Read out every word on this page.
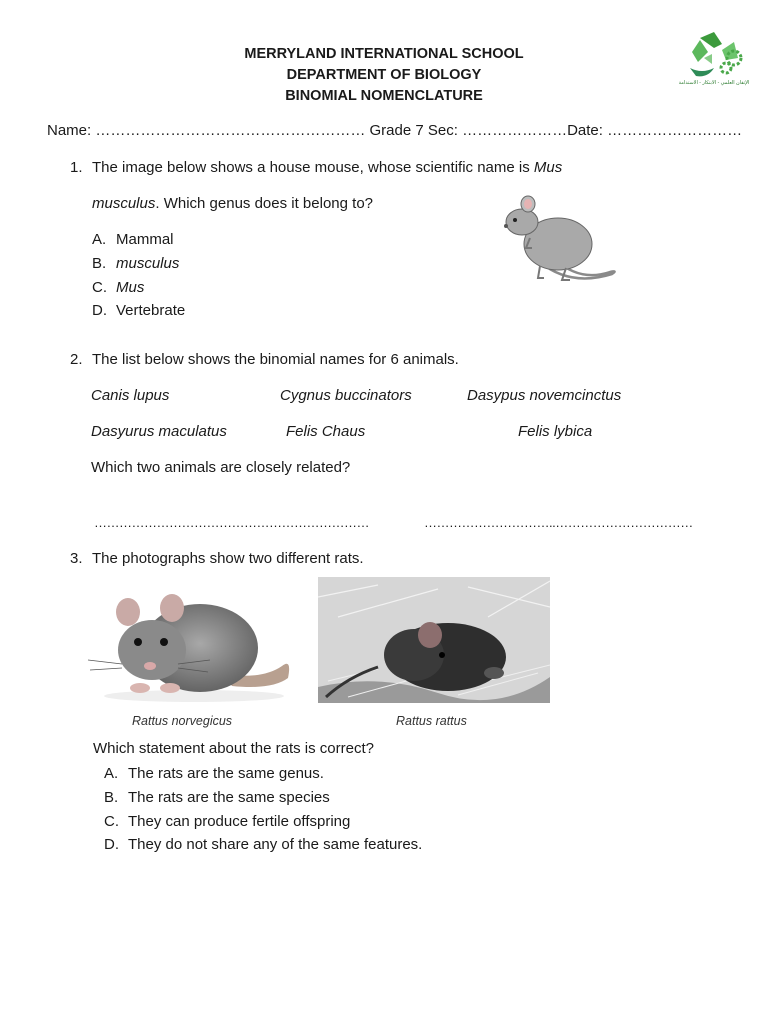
MERRYLAND INTERNATIONAL SCHOOL
DEPARTMENT OF BIOLOGY
BINOMIAL NOMENCLATURE
الإتقان العلمي - الابتكار - الاستدامة
Name: ……………………………………………… Grade 7 Sec: …………………Date: ………………………
1. The image below shows a house mouse, whose scientific name is Mus
musculus. Which genus does it belong to?
A. Mammal
B. musculus
C. Mus
D. Vertebrate
2. The list below shows the binomial names for 6 animals.
Canis lupus	Cygnus buccinators	Dasypus novemcinctus
Dasyurus maculatus	Felis Chaus	Felis lybica
Which two animals are closely related?
…………………………………………………………	…………………………..……………………………
3. The photographs show two different rats.
Rattus norvegicus	Rattus rattus
Which statement about the rats is correct?
A. The rats are the same genus.
B. The rats are the same species
C. They can produce fertile offspring
D. They do not share any of the same features.
